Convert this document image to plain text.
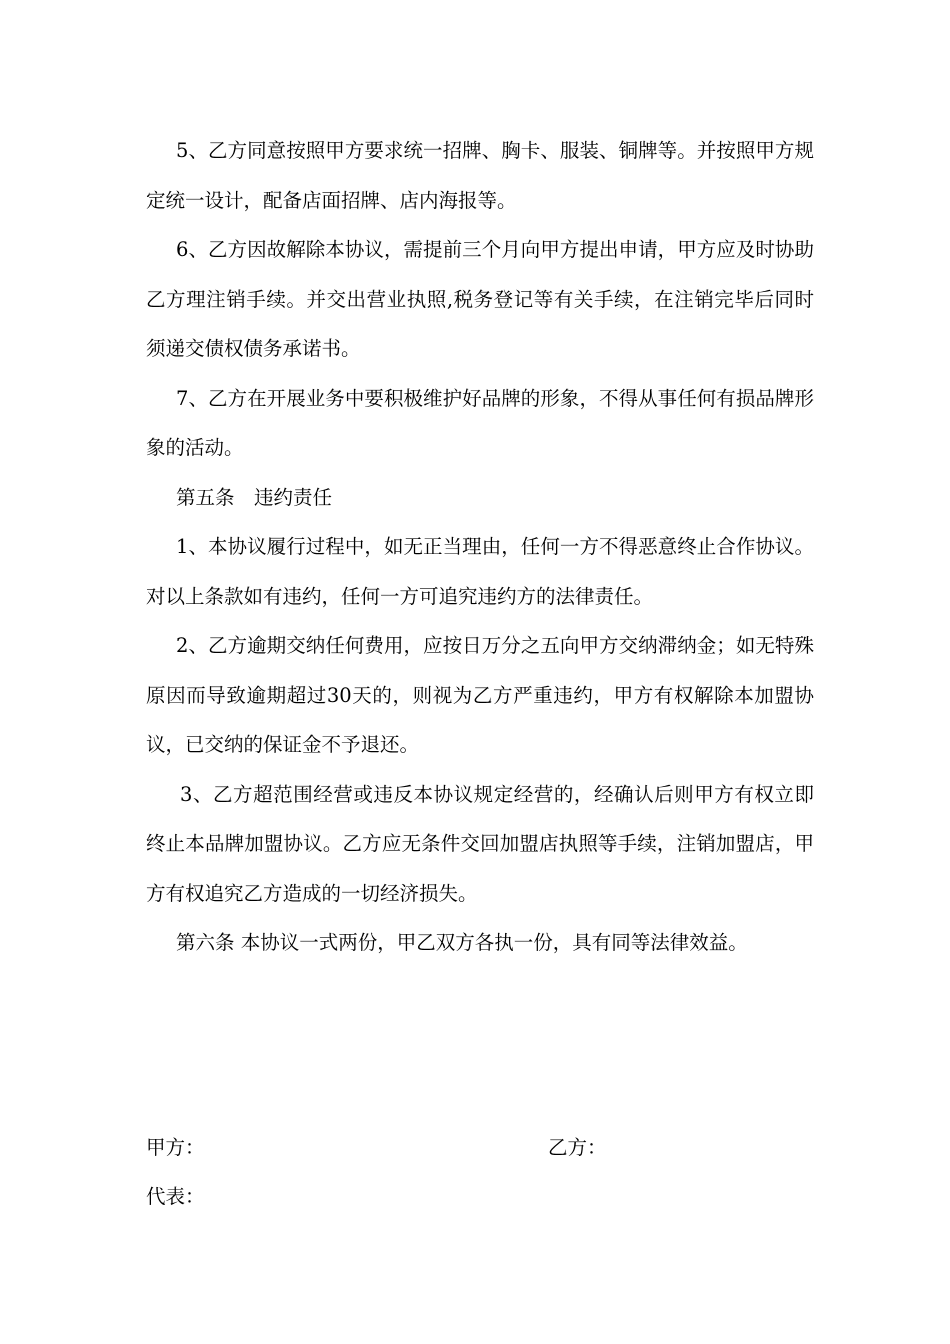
5、乙方同意按照甲方要求统一招牌、胸卡、服装、铜牌等。并按照甲方规定统一设计，配备店面招牌、店内海报等。

6、乙方因故解除本协议，需提前三个月向甲方提出申请，甲方应及时协助乙方理注销手续。并交出营业执照,税务登记等有关手续，在注销完毕后同时须递交债权债务承诺书。

7、乙方在开展业务中要积极维护好品牌的形象，不得从事任何有损品牌形象的活动。

第五条　违约责任

1、本协议履行过程中，如无正当理由，任何一方不得恶意终止合作协议。对以上条款如有违约，任何一方可追究违约方的法律责任。

2、乙方逾期交纳任何费用，应按日万分之五向甲方交纳滞纳金；如无特殊原因而导致逾期超过30天的，则视为乙方严重违约，甲方有权解除本加盟协议，已交纳的保证金不予退还。

3、乙方超范围经营或违反本协议规定经营的，经确认后则甲方有权立即终止本品牌加盟协议。乙方应无条件交回加盟店执照等手续，注销加盟店，甲方有权追究乙方造成的一切经济损失。

第六条 本协议一式两份，甲乙双方各执一份，具有同等法律效益。

甲方：	乙方：

代表：
